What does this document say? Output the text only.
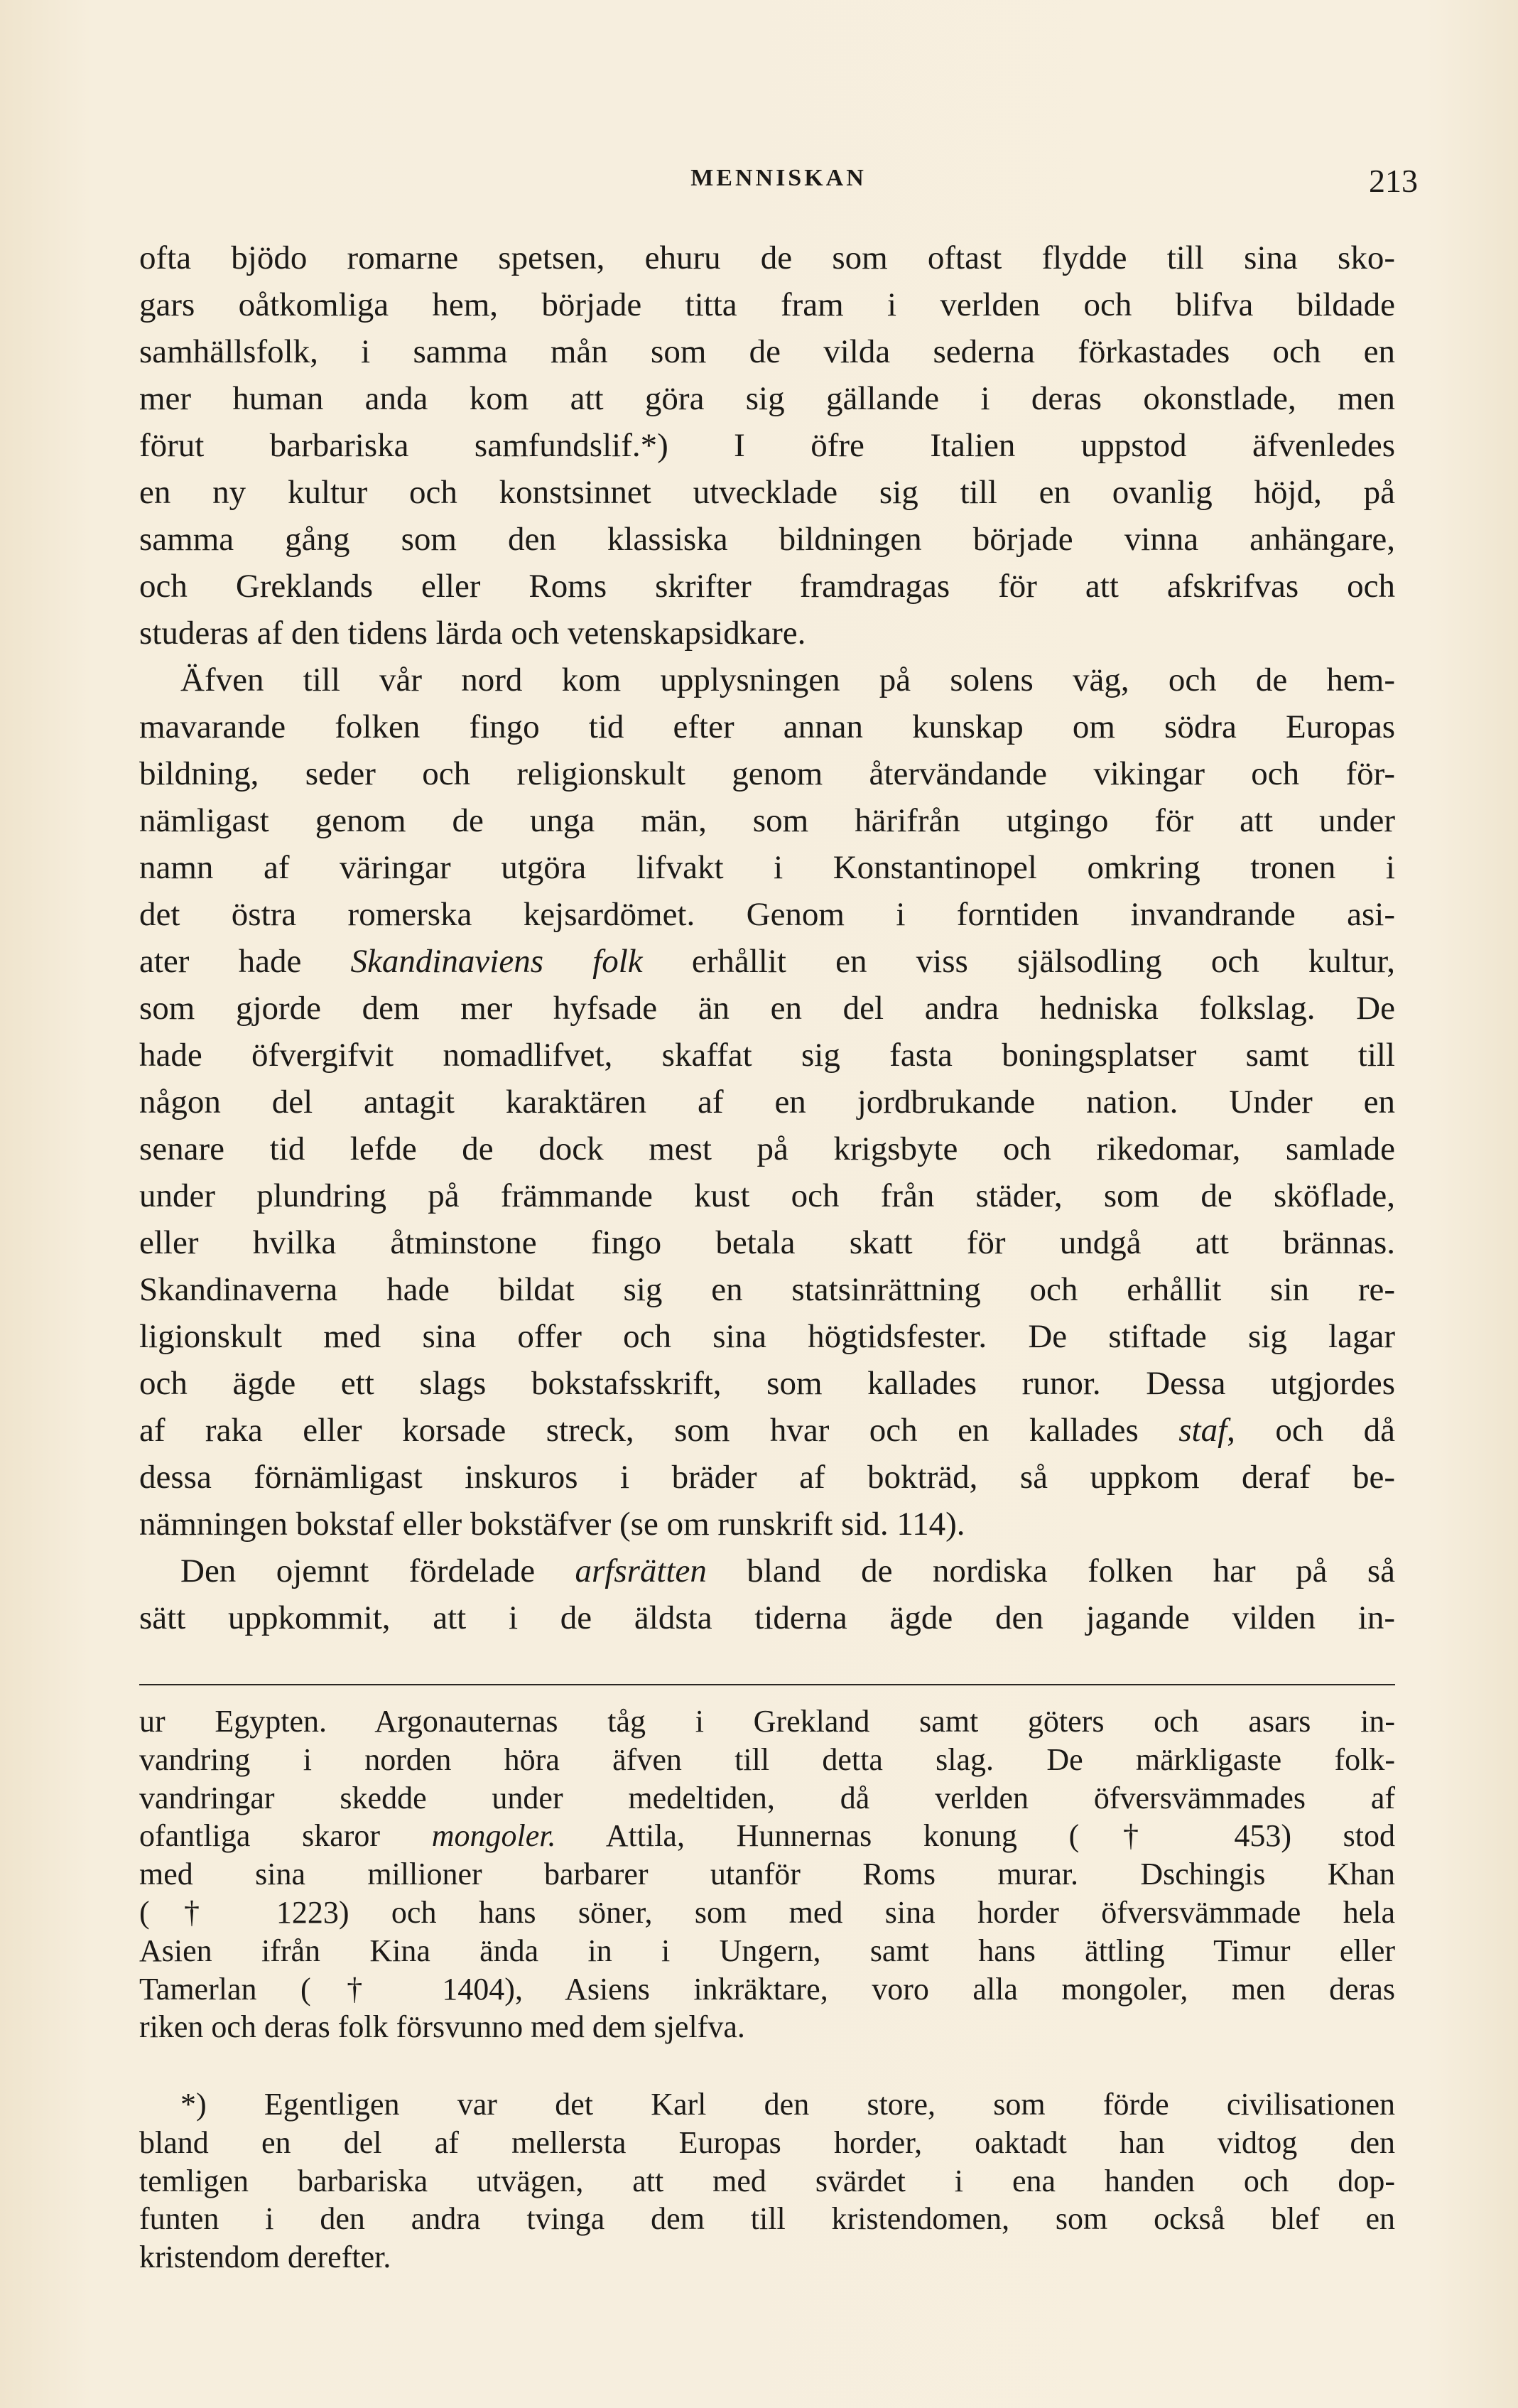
MENNISKAN	213
ofta bjödo romarne spetsen, ehuru de som oftast flydde till sina sko-
gars oåtkomliga hem, började titta fram i verlden och blifva bildade
samhällsfolk, i samma mån som de vilda sederna förkastades och en
mer human anda kom att göra sig gällande i deras okonstlade, men
förut barbariska samfundslif.*) I öfre Italien uppstod äfvenledes
en ny kultur och konstsinnet utvecklade sig till en ovanlig höjd, på
samma gång som den klassiska bildningen började vinna anhängare,
och Greklands eller Roms skrifter framdragas för att afskrifvas och
studeras af den tidens lärda och vetenskapsidkare.
Äfven till vår nord kom upplysningen på solens väg, och de hem-
mavarande folken fingo tid efter annan kunskap om södra Europas
bildning, seder och religionskult genom återvändande vikingar och för-
nämligast genom de unga män, som härifrån utgingo för att under
namn af väringar utgöra lifvakt i Konstantinopel omkring tronen i
det östra romerska kejsardömet. Genom i forntiden invandrande asi-
ater hade Skandinaviens folk erhållit en viss själsodling och kultur,
som gjorde dem mer hyfsade än en del andra hedniska folkslag. De
hade öfvergifvit nomadlifvet, skaffat sig fasta boningsplatser samt till
någon del antagit karaktären af en jordbrukande nation. Under en
senare tid lefde de dock mest på krigsbyte och rikedomar, samlade
under plundring på främmande kust och från städer, som de sköflade,
eller hvilka åtminstone fingo betala skatt för undgå att brännas.
Skandinaverna hade bildat sig en statsinrättning och erhållit sin re-
ligionskult med sina offer och sina högtidsfester. De stiftade sig lagar
och ägde ett slags bokstafsskrift, som kallades runor. Dessa utgjordes
af raka eller korsade streck, som hvar och en kallades staf, och då
dessa förnämligast inskuros i bräder af bokträd, så uppkom deraf be-
nämningen bokstaf eller bokstäfver (se om runskrift sid. 114).
Den ojemnt fördelade arfsrätten bland de nordiska folken har på så
sätt uppkommit, att i de äldsta tiderna ägde den jagande vilden in-
ur Egypten. Argonauternas tåg i Grekland samt göters och asars in-
vandring i norden höra äfven till detta slag. De märkligaste folk-
vandringar skedde under medeltiden, då verlden öfversvämmades af
ofantliga skaror mongoler. Attila, Hunnernas konung († 453) stod
med sina millioner barbarer utanför Roms murar. Dschingis Khan
(† 1223) och hans söner, som med sina horder öfversvämmade hela
Asien ifrån Kina ända in i Ungern, samt hans ättling Timur eller
Tamerlan († 1404), Asiens inkräktare, voro alla mongoler, men deras
riken och deras folk försvunno med dem sjelfva.
*) Egentligen var det Karl den store, som förde civilisationen
bland en del af mellersta Europas horder, oaktadt han vidtog den
temligen barbariska utvägen, att med svärdet i ena handen och dop-
funten i den andra tvinga dem till kristendomen, som också blef en
kristendom derefter.
